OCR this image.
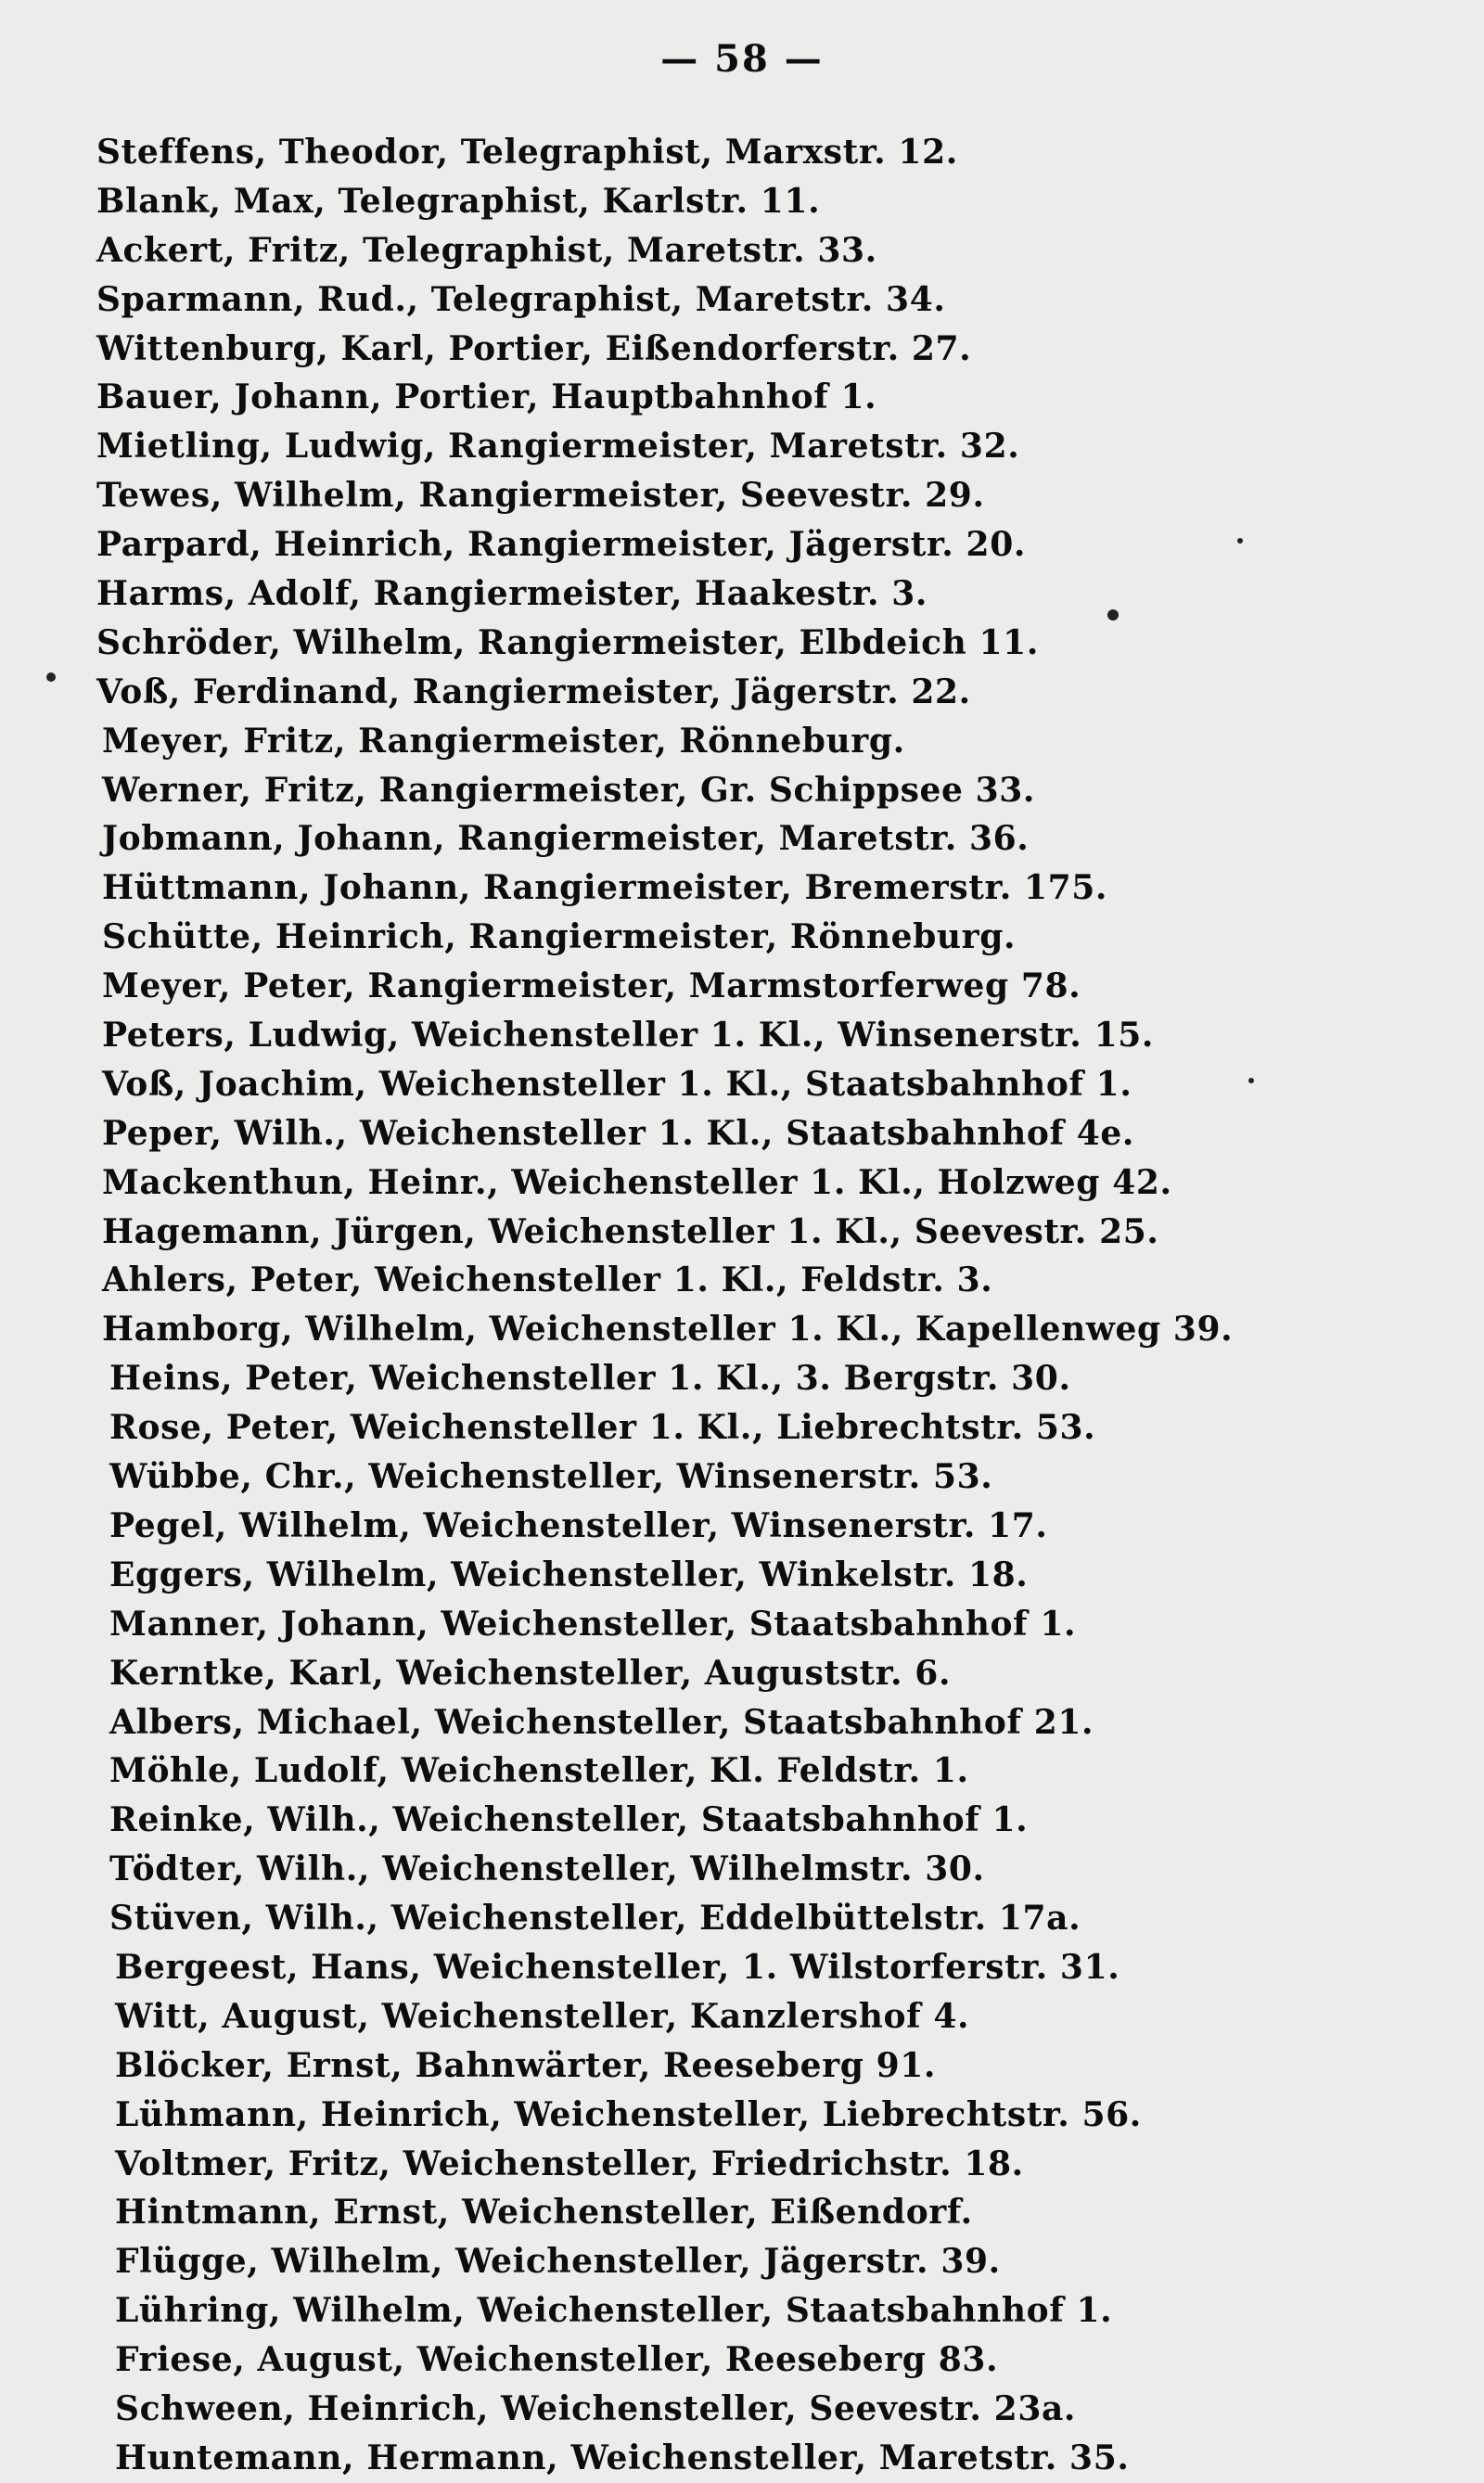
— 58 —
Steffens, Theodor, Telegraphist, Marxstr. 12.
Blank, Max, Telegraphist, Karlstr. 11.
Ackert, Fritz, Telegraphist, Maretstr. 33.
Sparmann, Rud., Telegraphist, Maretstr. 34.
Wittenburg, Karl, Portier, Eißendorferstr. 27.
Bauer, Johann, Portier, Hauptbahnhof 1.
Mietling, Ludwig, Rangiermeister, Maretstr. 32.
Tewes, Wilhelm, Rangiermeister, Seevestr. 29.
Parpard, Heinrich, Rangiermeister, Jägerstr. 20.
Harms, Adolf, Rangiermeister, Haakestr. 3.
Schröder, Wilhelm, Rangiermeister, Elbdeich 11.
Voß, Ferdinand, Rangiermeister, Jägerstr. 22.
Meyer, Fritz, Rangiermeister, Rönneburg.
Werner, Fritz, Rangiermeister, Gr. Schippsee 33.
Jobmann, Johann, Rangiermeister, Maretstr. 36.
Hüttmann, Johann, Rangiermeister, Bremerstr. 175.
Schütte, Heinrich, Rangiermeister, Rönneburg.
Meyer, Peter, Rangiermeister, Marmstorferweg 78.
Peters, Ludwig, Weichensteller 1. Kl., Winsenerstr. 15.
Voß, Joachim, Weichensteller 1. Kl., Staatsbahnhof 1.
Peper, Wilh., Weichensteller 1. Kl., Staatsbahnhof 4e.
Mackenthun, Heinr., Weichensteller 1. Kl., Holzweg 42.
Hagemann, Jürgen, Weichensteller 1. Kl., Seevestr. 25.
Ahlers, Peter, Weichensteller 1. Kl., Feldstr. 3.
Hamborg, Wilhelm, Weichensteller 1. Kl., Kapellenweg 39.
Heins, Peter, Weichensteller 1. Kl., 3. Bergstr. 30.
Rose, Peter, Weichensteller 1. Kl., Liebrechtstr. 53.
Wübbe, Chr., Weichensteller, Winsenerstr. 53.
Pegel, Wilhelm, Weichensteller, Winsenerstr. 17.
Eggers, Wilhelm, Weichensteller, Winkelstr. 18.
Manner, Johann, Weichensteller, Staatsbahnhof 1.
Kerntke, Karl, Weichensteller, Auguststr. 6.
Albers, Michael, Weichensteller, Staatsbahnhof 21.
Möhle, Ludolf, Weichensteller, Kl. Feldstr. 1.
Reinke, Wilh., Weichensteller, Staatsbahnhof 1.
Tödter, Wilh., Weichensteller, Wilhelmstr. 30.
Stüven, Wilh., Weichensteller, Eddelbüttelstr. 17a.
Bergeest, Hans, Weichensteller, 1. Wilstorferstr. 31.
Witt, August, Weichensteller, Kanzlershof 4.
Blöcker, Ernst, Bahnwärter, Reeseberg 91.
Lühmann, Heinrich, Weichensteller, Liebrechtstr. 56.
Voltmer, Fritz, Weichensteller, Friedrichstr. 18.
Hintmann, Ernst, Weichensteller, Eißendorf.
Flügge, Wilhelm, Weichensteller, Jägerstr. 39.
Lühring, Wilhelm, Weichensteller, Staatsbahnhof 1.
Friese, August, Weichensteller, Reeseberg 83.
Schween, Heinrich, Weichensteller, Seevestr. 23a.
Huntemann, Hermann, Weichensteller, Maretstr. 35.
